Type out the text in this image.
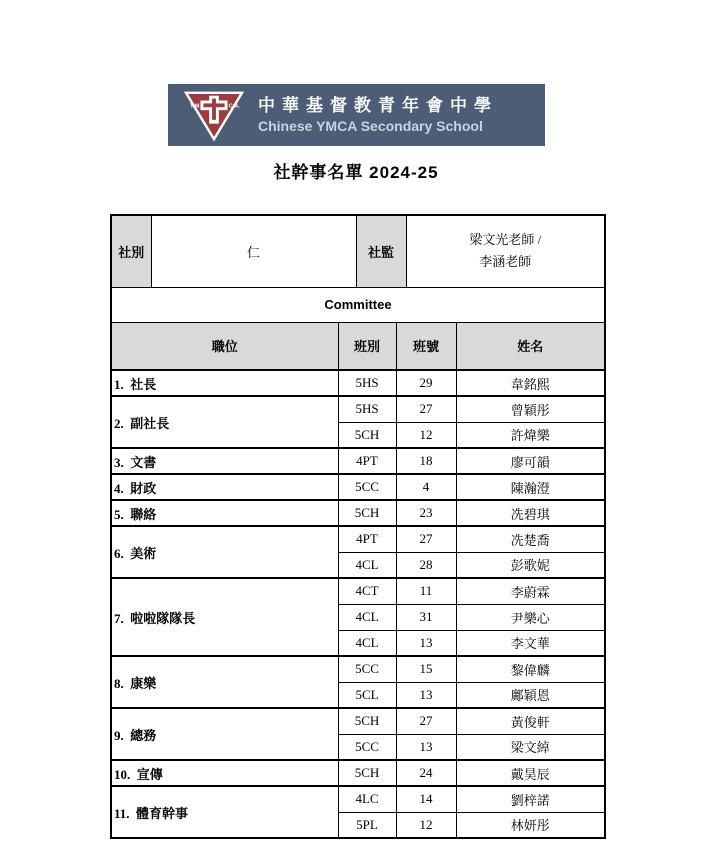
Y.M.	C.A. 中華基督教青年會中學
Chinese YMCA Secondary School
社幹事名單 2024-25
社別	仁		社監		梁文光老師 /
李涵老師	

Committee						
職位		班別		班號		姓名
1.  社長		5HS		29		韋銘熙
2.  副社長		5HS		27		曾穎彤
		5CH		12		許煒樂
3.  文書		4PT		18		廖可韻
4.  財政		5CC		4		陳瀚澄
5.  聯絡		5CH		23		冼碧琪
6.  美術		4PT		27		冼楚喬
		4CL		28		彭歌妮
7.  啦啦隊隊長		4CT		11		李蔚霖
		4CL		31		尹樂心
		4CL		13		李文華
8.  康樂		5CC		15		黎偉麟
		5CL		13		鄺穎恩
9.  總務		5CH		27		黃俊軒
		5CC		13		梁文綽
10.  宣傳		5CH		24		戴昊辰
11.  體育幹事		4LC		14		劉梓諾
		5PL		12		林妍彤
